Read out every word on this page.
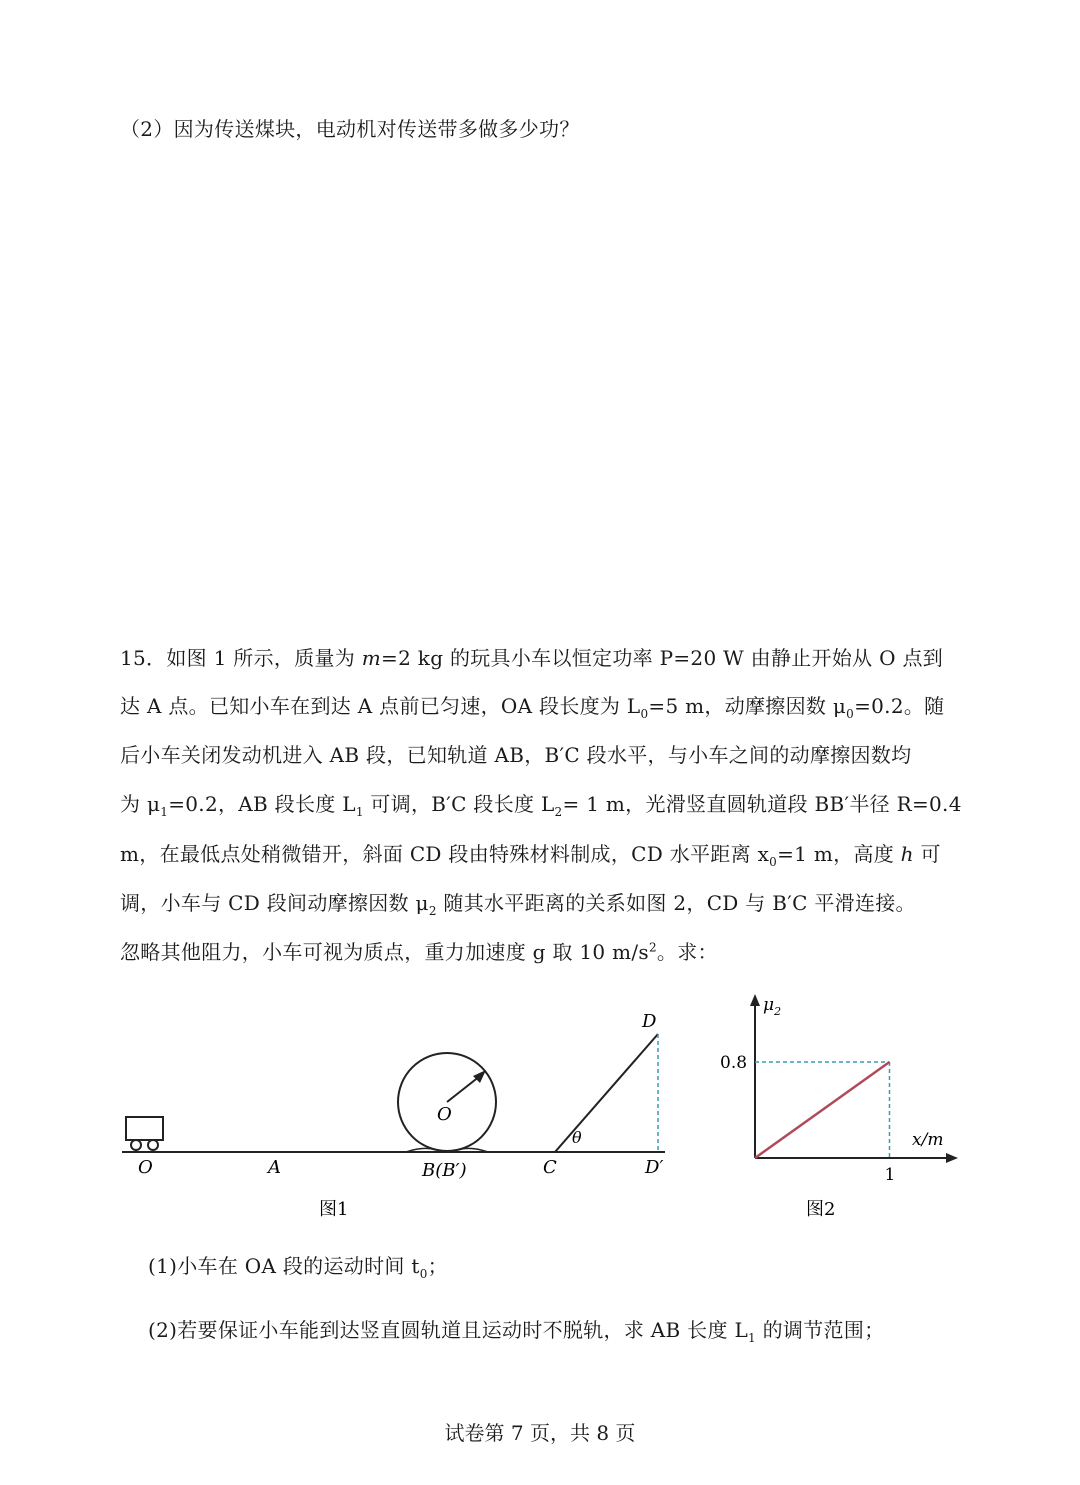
（2）因为传送煤块，电动机对传送带多做多少功？
15．如图 1 所示，质量为 m=2 kg 的玩具小车以恒定功率 P=20 W 由静止开始从 O 点到
达 A 点。已知小车在到达 A 点前已匀速，OA 段长度为 $L_0=5$ m，动摩擦因数 $\mu_0=0.2$。随
后小车关闭发动机进入 AB 段，已知轨道 AB，B′C 段水平，与小车之间的动摩擦因数均
为 $\mu_1=0.2$，AB 段长度 $L_1$ 可调，B′C 段长度 $L_2= 1$ m，光滑竖直圆轨道段 BB′半径 R=0.4
m，在最低点处稍微错开，斜面 CD 段由特殊材料制成，CD 水平距离 $x_0=1$ m，高度 h 可
调，小车与 CD 段间动摩擦因数 $\mu_2$ 随其水平距离的关系如图 2，CD 与 B′C 平滑连接。
忽略其他阻力，小车可视为质点，重力加速度 g 取 10 $m/s^2$。求：
O	A	B(B′)	C
D
D′
O
θ
图1
0.8
1
$\mu_2$
x/m
图2
(1)小车在 OA 段的运动时间 $t_0$；
(2)若要保证小车能到达竖直圆轨道且运动时不脱轨，求 AB 长度 $L_1$ 的调节范围；
试卷第 7 页，共 8 页
